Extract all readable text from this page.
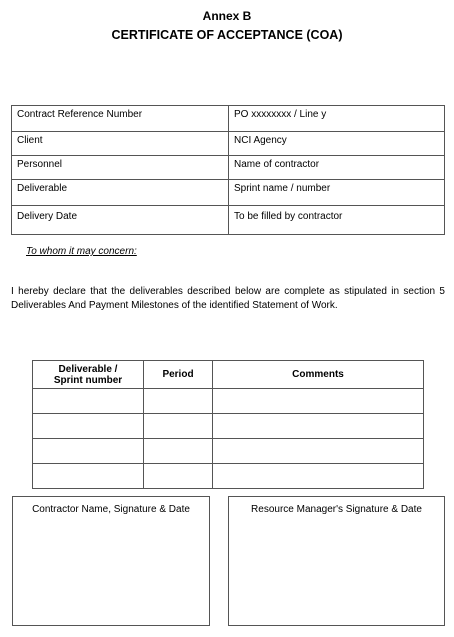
Annex B
CERTIFICATE OF ACCEPTANCE (COA)
Contract Reference Number	PO xxxxxxxx / Line y
Client	NCI Agency
Personnel	Name of contractor
Deliverable	Sprint name / number
Delivery Date	To be filled by contractor
To whom it may concern:
I hereby declare that the deliverables described below are complete as stipulated in section 5
Deliverables And Payment Milestones of the identified Statement of Work.
Deliverable /
Sprint number	Period	Comments

Contractor Name, Signature & Date	Resource Manager's Signature & Date
